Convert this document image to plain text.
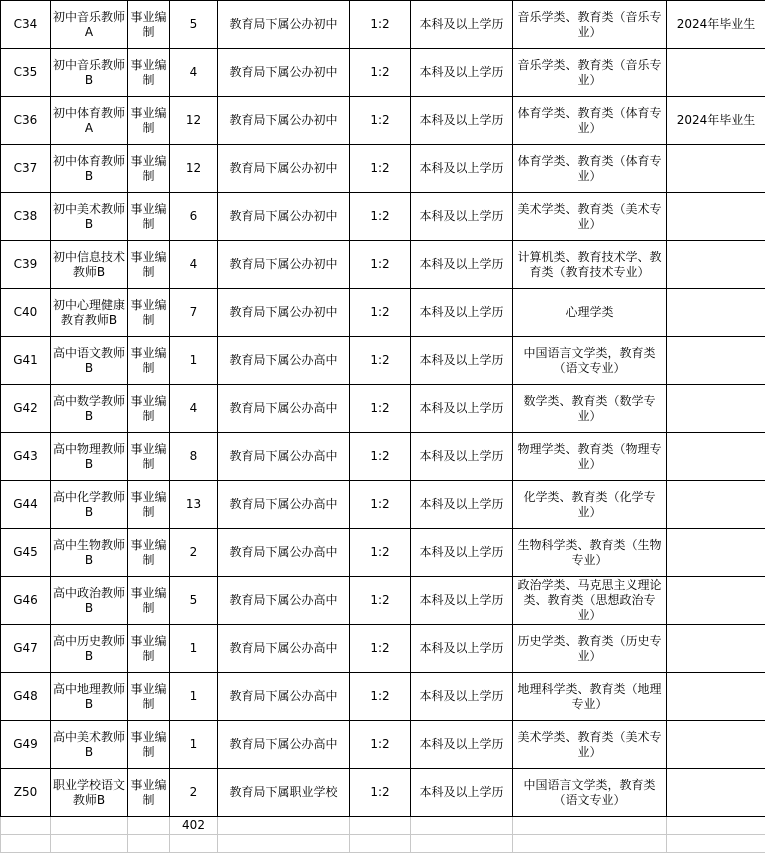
C34	初中音乐教师A	事业编制	5	教育局下属公办初中	1:2	本科及以上学历	音乐学类、教育类（音乐专业）	2024年毕业生
C35	初中音乐教师B	事业编制	4	教育局下属公办初中	1:2	本科及以上学历	音乐学类、教育类（音乐专业）	
C36	初中体育教师A	事业编制	12	教育局下属公办初中	1:2	本科及以上学历	体育学类、教育类（体育专业）	2024年毕业生
C37	初中体育教师B	事业编制	12	教育局下属公办初中	1:2	本科及以上学历	体育学类、教育类（体育专业）	
C38	初中美术教师B	事业编制	6	教育局下属公办初中	1:2	本科及以上学历	美术学类、教育类（美术专业）	
C39	初中信息技术教师B	事业编制	4	教育局下属公办初中	1:2	本科及以上学历	计算机类、教育技术学、教育类（教育技术专业）	
C40	初中心理健康教育教师B	事业编制	7	教育局下属公办初中	1:2	本科及以上学历	心理学类	
G41	高中语文教师B	事业编制	1	教育局下属公办高中	1:2	本科及以上学历	中国语言文学类，教育类（语文专业）	
G42	高中数学教师B	事业编制	4	教育局下属公办高中	1:2	本科及以上学历	数学类、教育类（数学专业）	
G43	高中物理教师B	事业编制	8	教育局下属公办高中	1:2	本科及以上学历	物理学类、教育类（物理专业）	
G44	高中化学教师B	事业编制	13	教育局下属公办高中	1:2	本科及以上学历	化学类、教育类（化学专业）	
G45	高中生物教师B	事业编制	2	教育局下属公办高中	1:2	本科及以上学历	生物科学类、教育类（生物专业）	
G46	高中政治教师B	事业编制	5	教育局下属公办高中	1:2	本科及以上学历	政治学类、马克思主义理论类、教育类（思想政治专业）	
G47	高中历史教师B	事业编制	1	教育局下属公办高中	1:2	本科及以上学历	历史学类、教育类（历史专业）	
G48	高中地理教师B	事业编制	1	教育局下属公办高中	1:2	本科及以上学历	地理科学类、教育类（地理专业）	
G49	高中美术教师B	事业编制	1	教育局下属公办高中	1:2	本科及以上学历	美术学类、教育类（美术专业）	
Z50	职业学校语文教师B	事业编制	2	教育局下属职业学校	1:2	本科及以上学历	中国语言文学类，教育类（语文专业）	
			402					
